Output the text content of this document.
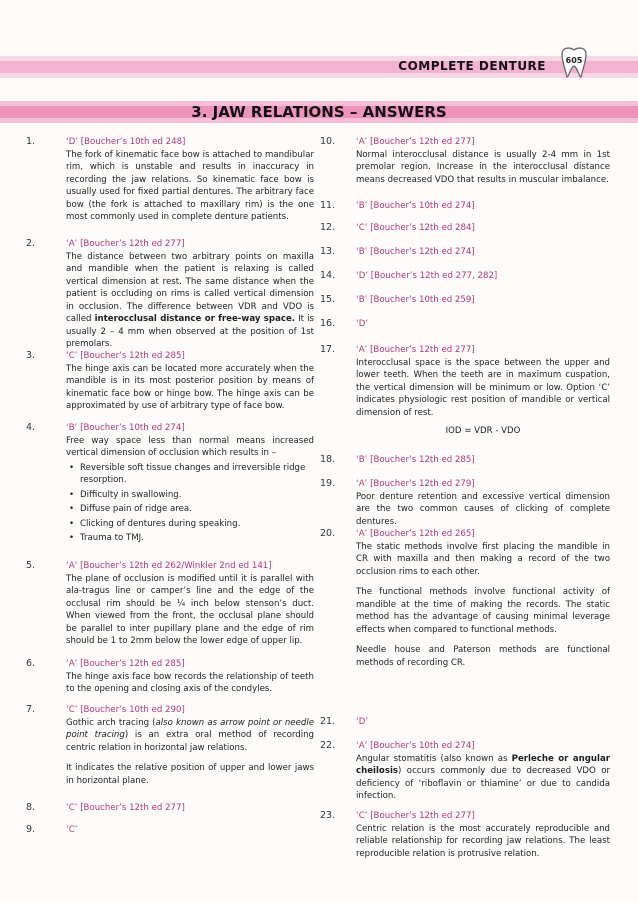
COMPLETE DENTURE	605
3. JAW RELATIONS – ANSWERS
1.	‘D’ [Boucher’s 10th ed 248]

The fork of kinematic face bow is attached to mandibular rim, which is unstable and results in inaccuracy in recording the jaw relations. So kinematic face bow is usually used for fixed partial dentures. The arbitrary face bow (the fork is attached to maxillary rim) is the one most commonly used in complete denture patients.

2.	‘A’ [Boucher’s 12th ed 277]

The distance between two arbitrary points on maxilla and mandible when the patient is relaxing is called vertical dimension at rest. The same distance when the patient is occluding on rims is called vertical dimension in occlusion. The difference between VDR and VDO is called interocclusal distance or free-way space. It is usually 2 – 4 mm when observed at the position of 1st premolars.

3.	‘C’ [Boucher’s 12th ed 285]

The hinge axis can be located more accurately when the mandible is in its most posterior position by means of kinematic face bow or hinge bow. The hinge axis can be approximated by use of arbitrary type of face bow.

4.	‘B’ [Boucher’s 10th ed 274]

Free way space less than normal means increased vertical dimension of occlusion which results in –

• Reversible soft tissue changes and irreversible ridge resorption.
• Difficulty in swallowing.
• Diffuse pain of ridge area.
• Clicking of dentures during speaking.
• Trauma to TMJ.
5.	‘A’ [Boucher’s 12th ed 262/Winkler 2nd ed 141]

The plane of occlusion is modified until it is parallel with ala-tragus line or camper’s line and the edge of the occlusal rim should be ¼ inch below stenson’s duct. When viewed from the front, the occlusal plane should be parallel to inter pupillary plane and the edge of rim should be 1 to 2mm below the lower edge of upper lip.

6.	‘A’ [Boucher’s 12th ed 285]

The hinge axis face bow records the relationship of teeth to the opening and closing axis of the condyles.

7.	‘C’ [Boucher’s 10th ed 290]

Gothic arch tracing (also known as arrow point or needle point tracing) is an extra oral method of recording centric relation in horizontal jaw relations.

It indicates the relative position of upper and lower jaws in horizontal plane.

8.	‘C’ [Boucher’s 12th ed 277]
9.	‘C’
10.	‘A’ [Boucher’s 12th ed 277]

Normal interocclusal distance is usually 2-4 mm in 1st premolar region. Increase in the interocclusal distance means decreased VDO that results in muscular imbalance.

11.	‘B’ [Boucher’s 10th ed 274]
12.	‘C’ [Boucher’s 12th ed 284]
13.	‘B’ [Boucher’s 12th ed 274]
14.	‘D’ [Boucher’s 12th ed 277, 282]
15.	‘B’ [Boucher’s 10th ed 259]
16.	‘D’
17.	‘A’ [Boucher’s 12th ed 277]

Interocclusal space is the space between the upper and lower teeth. When the teeth are in maximum cuspation, the vertical dimension will be minimum or low. Option ‘C’ indicates physiologic rest position of mandible or vertical dimension of rest.

IOD = VDR - VDO

18.	‘B’ [Boucher’s 12th ed 285]
19.	‘A’ [Boucher’s 12th ed 279]

Poor denture retention and excessive vertical dimension are the two common causes of clicking of complete dentures.

20.	‘A’ [Boucher’s 12th ed 265]

The static methods involve first placing the mandible in CR with maxilla and then making a record of the two occlusion rims to each other.

The functional methods involve functional activity of mandible at the time of making the records. The static method has the advantage of causing minimal leverage effects when compared to functional methods.

Needle house and Paterson methods are functional methods of recording CR.

21.	‘D’
22.	‘A’ [Boucher’s 10th ed 274]

Angular stomatitis (also known as Perleche or angular cheilosis) occurs commonly due to decreased VDO or deficiency of ‘riboflavin or thiamine’ or due to candida infection.

23.	‘C’ [Boucher’s 12th ed 277]

Centric relation is the most accurately reproducible and reliable relationship for recording jaw relations. The least reproducible relation is protrusive relation.
